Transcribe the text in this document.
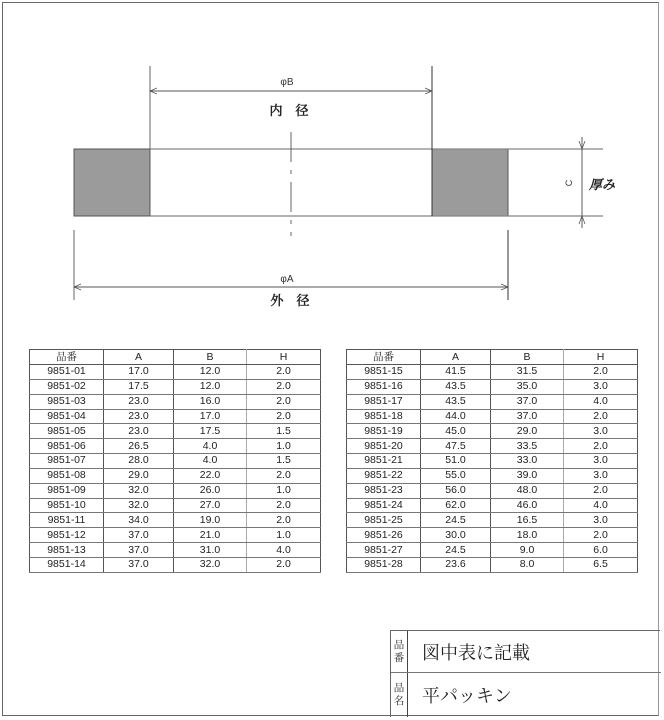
φB
内　径
φA
外　径
C 厚み
品番	A	B	H
9851-01	17.0	12.0	2.0
9851-02	17.5	12.0	2.0
9851-03	23.0	16.0	2.0
9851-04	23.0	17.0	2.0
9851-05	23.0	17.5	1.5
9851-06	26.5	4.0	1.0
9851-07	28.0	4.0	1.5
9851-08	29.0	22.0	2.0
9851-09	32.0	26.0	1.0
9851-10	32.0	27.0	2.0
9851-11	34.0	19.0	2.0
9851-12	37.0	21.0	1.0
9851-13	37.0	31.0	4.0
9851-14	37.0	32.0	2.0
品番	A	B	H
9851-15	41.5	31.5	2.0
9851-16	43.5	35.0	3.0
9851-17	43.5	37.0	4.0
9851-18	44.0	37.0	2.0
9851-19	45.0	29.0	3.0
9851-20	47.5	33.5	2.0
9851-21	51.0	33.0	3.0
9851-22	55.0	39.0	3.0
9851-23	56.0	48.0	2.0
9851-24	62.0	46.0	4.0
9851-25	24.5	16.5	3.0
9851-26	30.0	18.0	2.0
9851-27	24.5	9.0	6.0
9851-28	23.6	8.0	6.5
品
番 図中表に記載
品
名 平パッキン
